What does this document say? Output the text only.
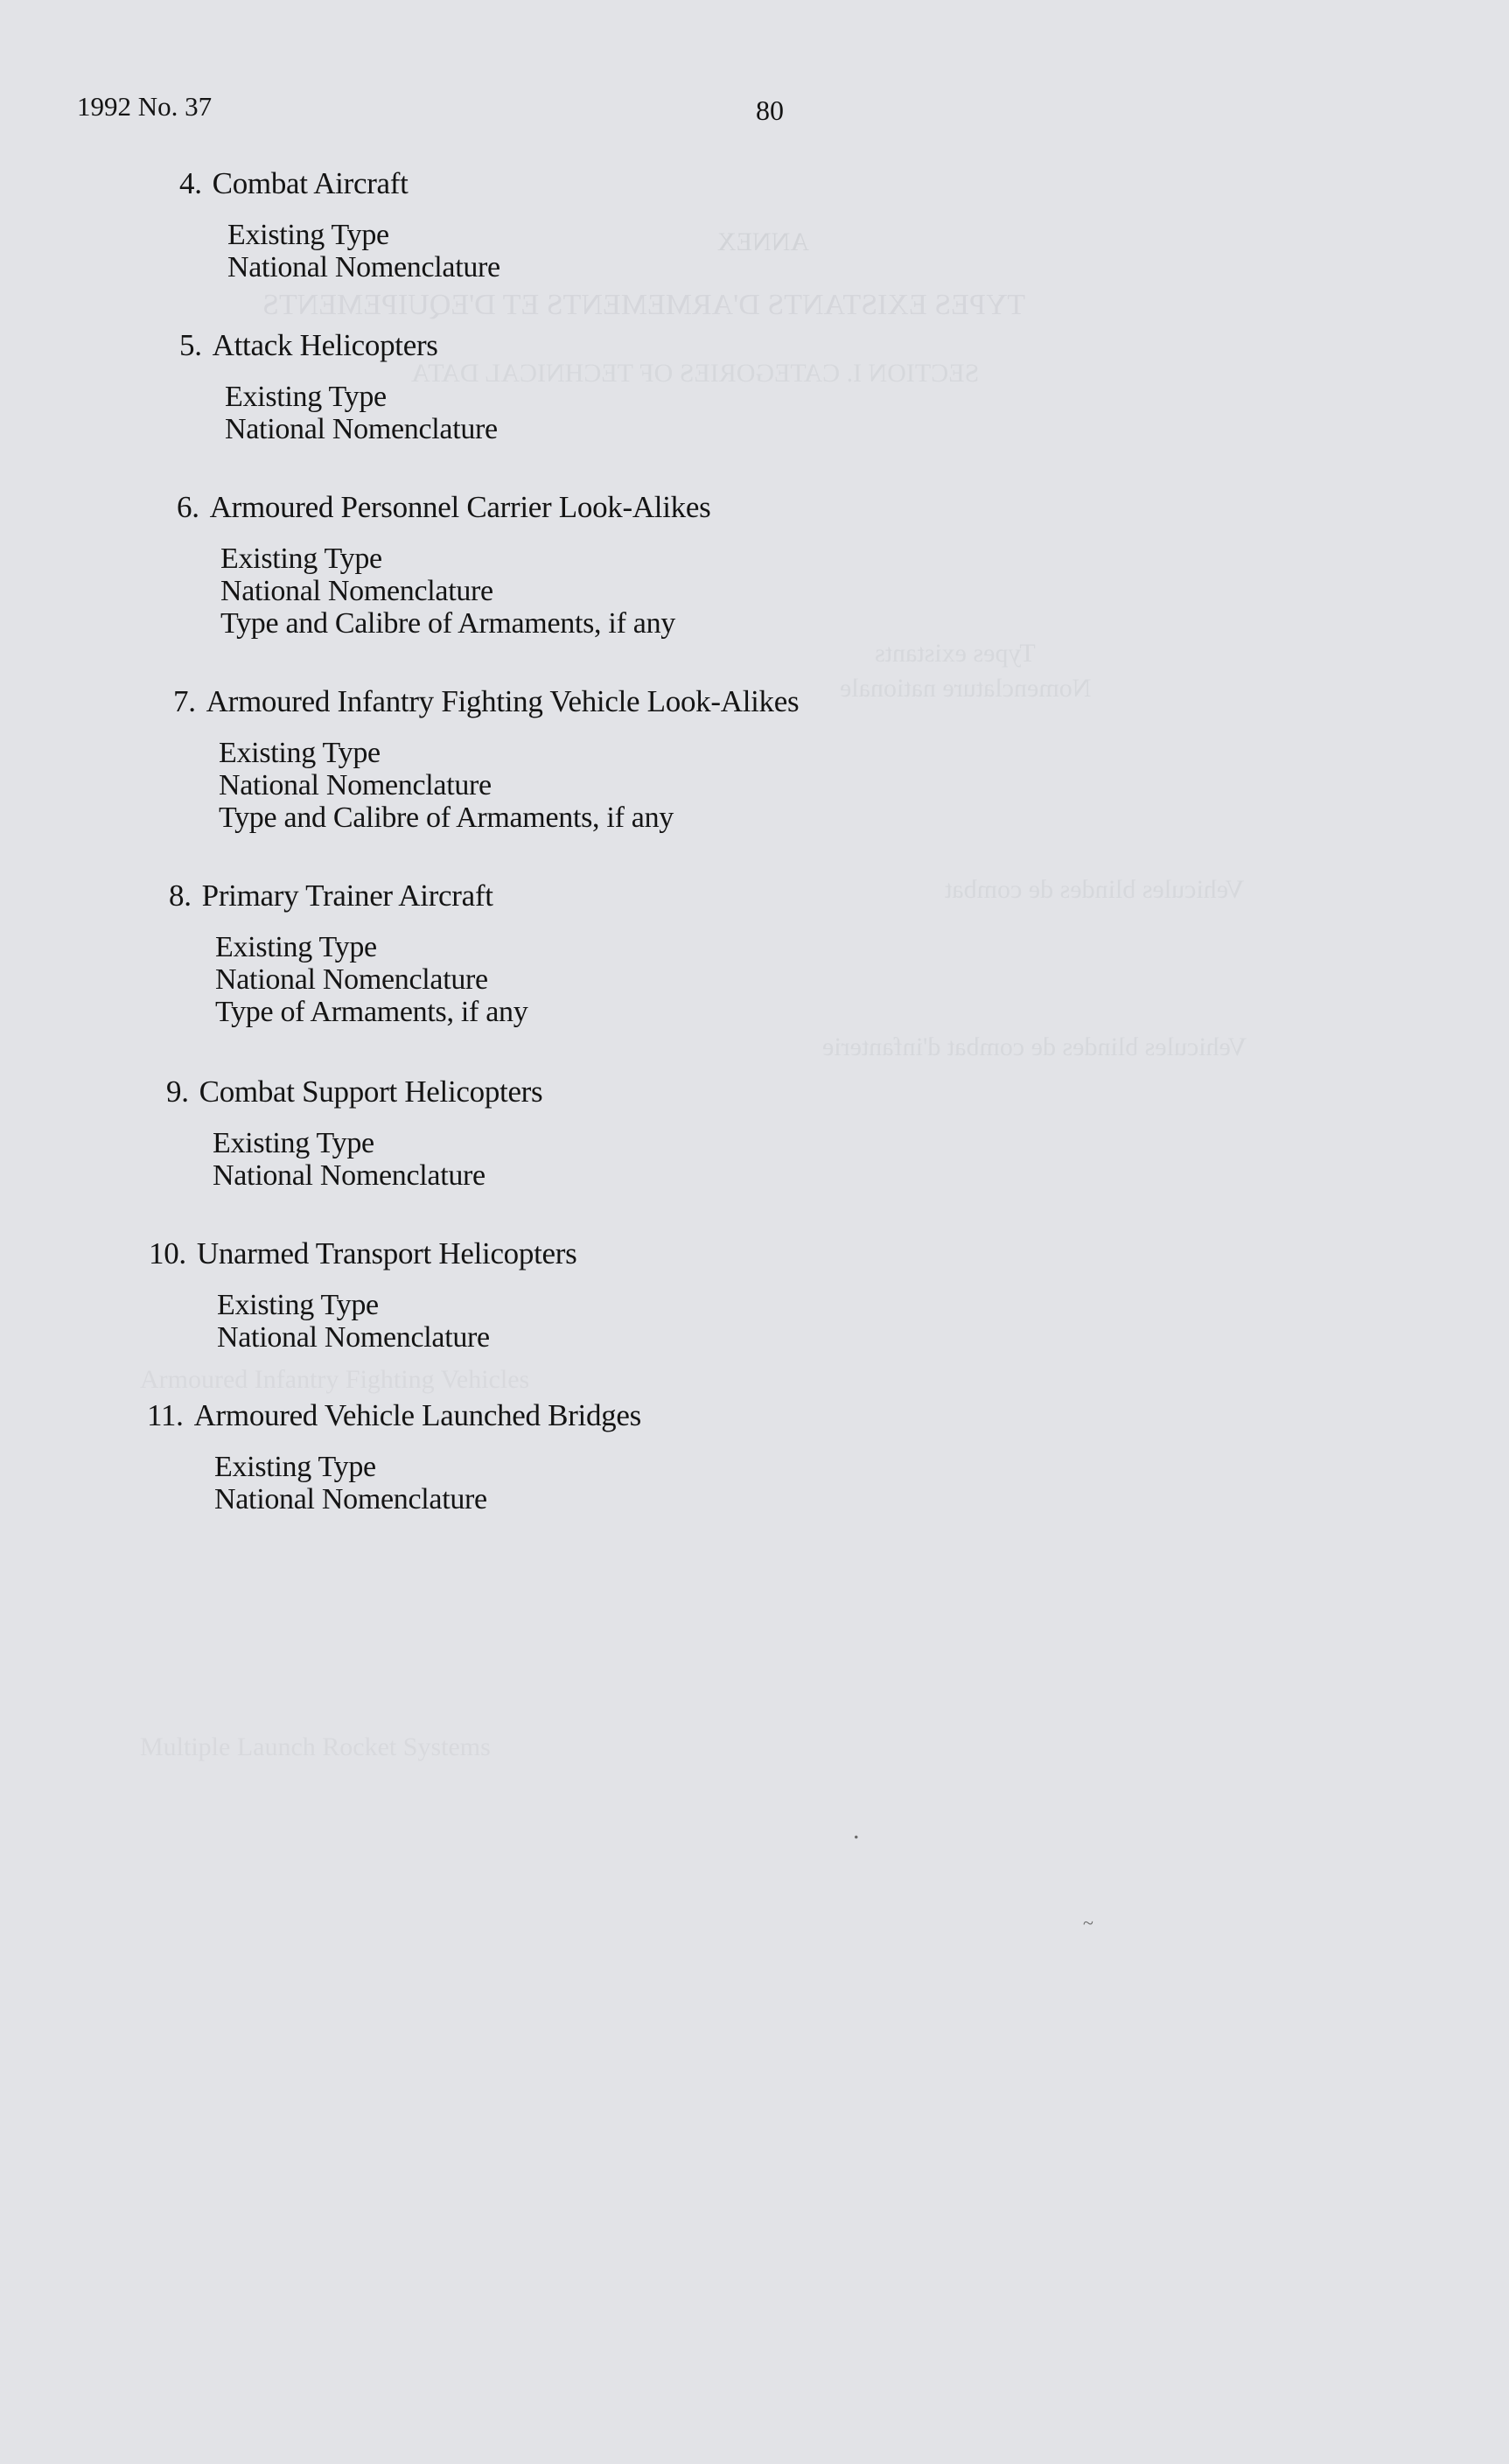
ANNEX
TYPES EXISTANTS D'ARMEMENTS ET D'EQUIPEMENTS
SECTION I. CATEGORIES OF TECHNICAL DATA
Types existants
Nomenclature nationale
Vehicules blindes de combat
Vehicules blindes de combat d'infanterie
Armoured Infantry Fighting Vehicles
Multiple Launch Rocket Systems
1992 No. 37	80
4. Combat Aircraft
Existing Type
National Nomenclature
5. Attack Helicopters
Existing Type
National Nomenclature
6. Armoured Personnel Carrier Look-Alikes
Existing Type
National Nomenclature
Type and Calibre of Armaments, if any
7. Armoured Infantry Fighting Vehicle Look-Alikes
Existing Type
National Nomenclature
Type and Calibre of Armaments, if any
8. Primary Trainer Aircraft
Existing Type
National Nomenclature
Type of Armaments, if any
9. Combat Support Helicopters
Existing Type
National Nomenclature
10. Unarmed Transport Helicopters
Existing Type
National Nomenclature
11. Armoured Vehicle Launched Bridges
Existing Type
National Nomenclature
.
~
